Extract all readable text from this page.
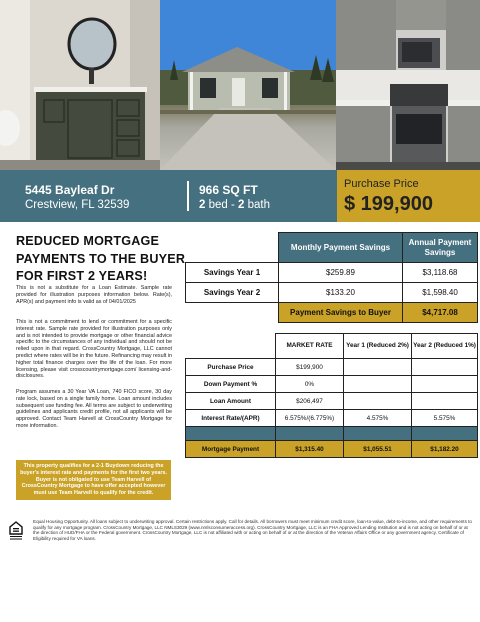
5445 Bayleaf Dr
Crestview, FL 32539
966 SQ FT
2 bed - 2 bath
Purchase Price
$ 199,900
REDUCED MORTGAGE PAYMENTS TO THE BUYER FOR FIRST 2 YEARS!
This is not a substitute for a Loan Estimate. Sample rate provided for illustration purposes information below. Rate(s), APR(s) and payment info is valid as of 04/01/2025
This is not a commitment to lend or commitment for a specific interest rate. Sample rate provided for illustration purposes only and is not intended to provide mortgage or other financial advice specific to the circumstances of any individual and should not be relied upon in that regard. CrossCountry Mortgage, LLC cannot predict where rates will be in the future. Refinancing may result in higher total finance charges over the life of the loan. For more licensing, please visit crosscountrymortgage.com/ licensing-and-disclosures.
Program assumes a 30 Year VA Loan, 740 FICO score, 30 day rate lock, based on a single family home. Loan amount includes subsequent use funding fee. All terms are subject to underwriting guidelines and applicants credit profile, not all applicants will be approved. Contact Team Harvell at CrossCountry Mortgage for more information.
This property qualifies for a 2-1 Buydown reducing the buyer's interest rate and payments for the first two years. Buyer is not obligated to use Team Harvell of CrossCountry Mortgage to have offer accepted however must use Team Harvell to qualify for the credit.
	Monthly Payment Savings	Annual Payment Savings
Savings Year 1	$259.89	$3,118.68
Savings Year 2	$133.20	$1,598.40
	Payment Savings to Buyer	$4,717.08
	MARKET RATE	Year 1 (Reduced 2%)	Year 2 (Reduced 1%)
Purchase Price	$199,900		
Down Payment %	0%		
Loan Amount	$206,497		
Interest Rate/(APR)	6.575%/(6.775%)	4.575%	5.575%

Mortgage Payment	$1,315.40	$1,055.51	$1,182.20
Equal Housing Opportunity. All loans subject to underwriting approval. Certain restrictions apply. Call for details. All borrowers must meet minimum credit score, loan-to-value, debt-to-income, and other requirements to qualify for any mortgage program. CrossCountry Mortgage, LLC NMLS3029 (www.nmlsconsumeraccess.org). CrossCountry Mortgage, LLC is an FHA Approved Lending Institution and is not acting on behalf of or at the direction of HUD/FHA or the Federal government. CrossCountry Mortgage, LLC is not affiliated with or acting on behalf of or at the direction of the Veteran Affairs Office or any government agency. Certificate of Eligibility required for VA loans.
